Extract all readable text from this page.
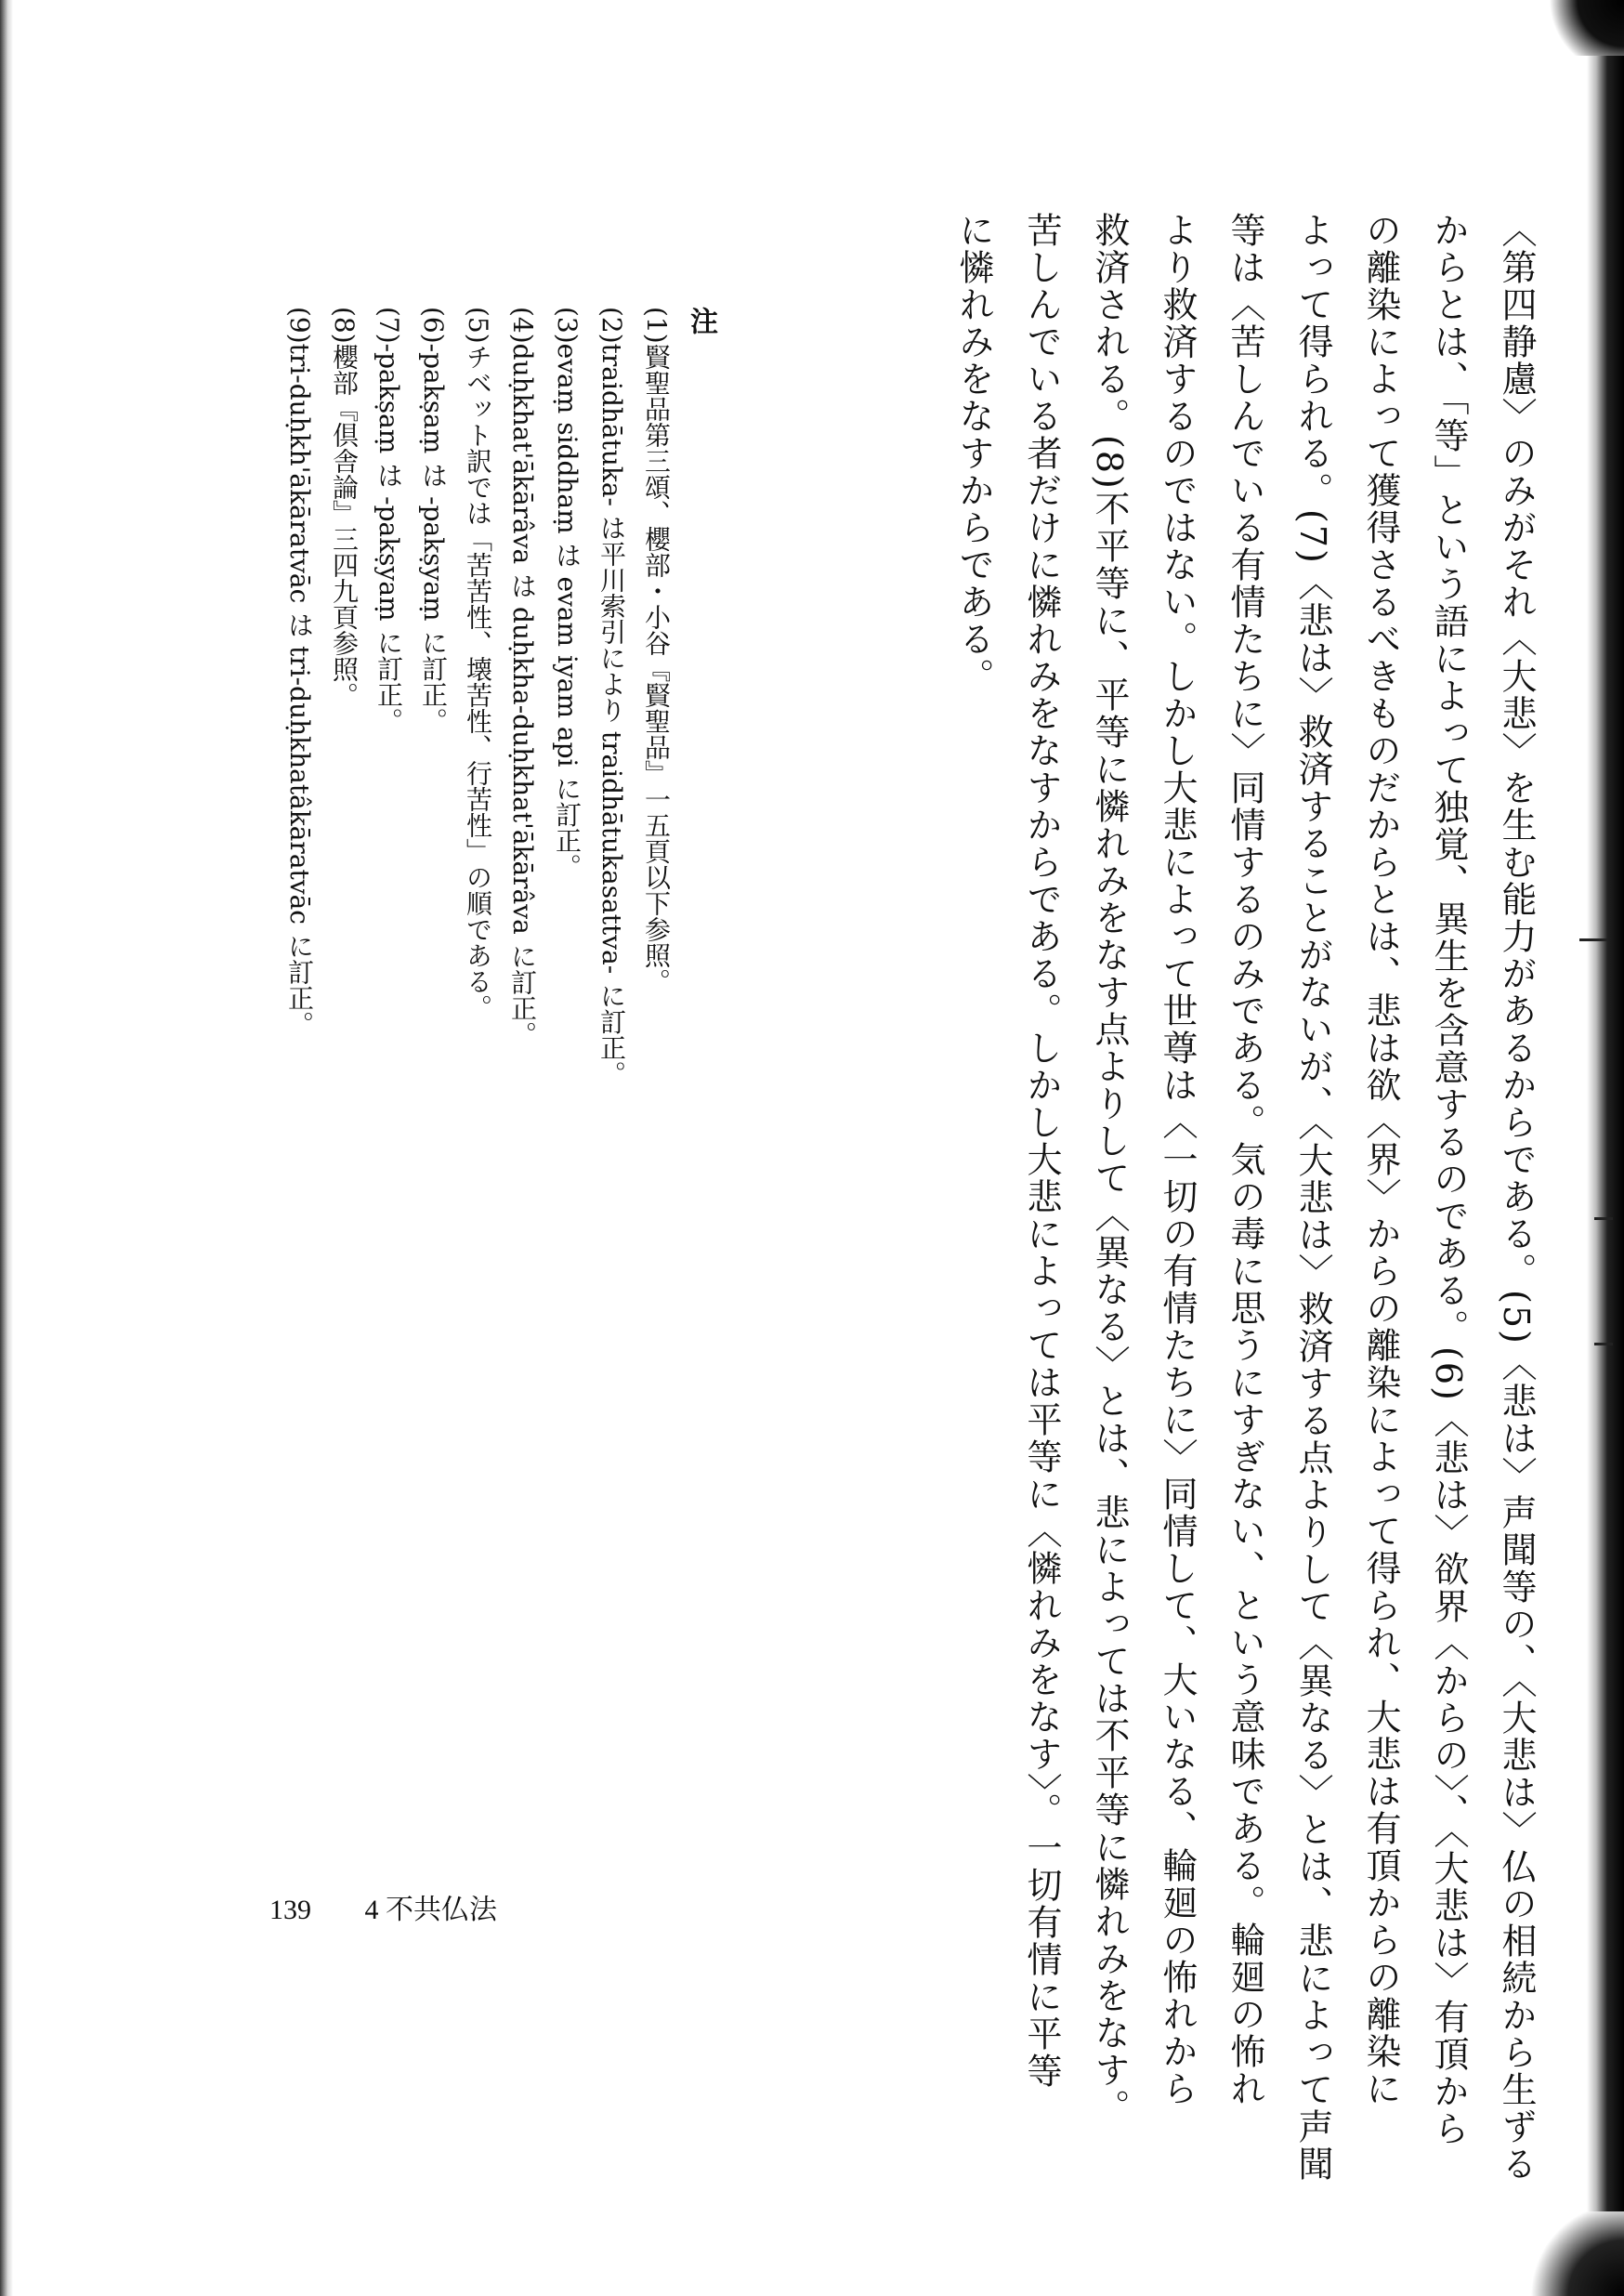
〈第四静慮〉のみがそれ〈大悲〉を生む能力があるからである。(5)〈悲は〉声聞等の、〈大悲は〉仏の相続から生ずる
からとは、「等」という語によって独覚、異生を含意するのである。(6)〈悲は〉欲界〈からの〉、〈大悲は〉有頂から
の離染によって獲得さるべきものだからとは、悲は欲〈界〉からの離染によって得られ、大悲は有頂からの離染に
よって得られる。(7)〈悲は〉救済することがないが、〈大悲は〉救済する点よりして〈異なる〉とは、悲によって声聞
等は〈苦しんでいる有情たちに〉同情するのみである。気の毒に思うにすぎない、という意味である。輪廻の怖れ
より救済するのではない。しかし大悲によって世尊は〈一切の有情たちに〉同情して、大いなる、輪廻の怖れから
救済される。(8)不平等に、平等に憐れみをなす点よりして〈異なる〉とは、悲によっては不平等に憐れみをなす。
苦しんでいる者だけに憐れみをなすからである。しかし大悲によっては平等に〈憐れみをなす〉。一切有情に平等
に憐れみをなすからである。
注
(1)賢聖品第三頌、櫻部・小谷『賢聖品』一五頁以下参照。
(2)traidhātuka- は平川索引により traidhātukasattva- に訂正。
(3)evaṃ siddhaṃ は evam iyam api に訂正。
(4)duḥkhat'ākārâva は duḥkha-duḥkhat'ākārâva に訂正。
(5)チベット訳では「苦苦性、壊苦性、行苦性」の順である。
(6)-pakṣaṃ は -pakṣyaṃ に訂正。
(7)-pakṣaṃ は -pakṣyaṃ に訂正。
(8)櫻部『倶舎論』三四九頁参照。
(9)tri-duḥkh'ākāratvāc は tri-duḥkhatâkāratvāc に訂正。
139 4 不共仏法
